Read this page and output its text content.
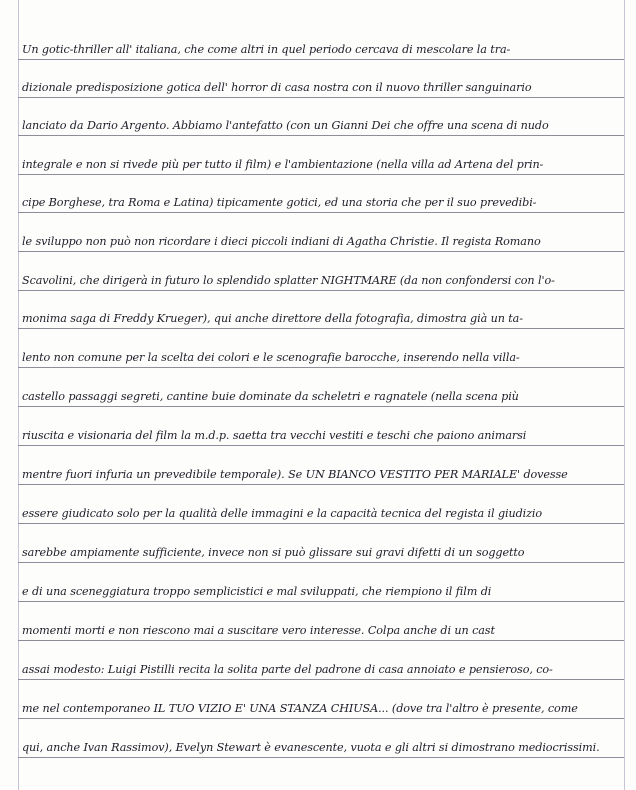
Un gotic-thriller all' italiana, che come altri in quel periodo cercava di mescolare la tra-
dizionale predisposizione gotica dell' horror di casa nostra con il nuovo thriller sanguinario
lanciato da Dario Argento. Abbiamo l'antefatto (con un Gianni Dei che offre una scena di nudo
integrale e non si rivede più per tutto il film) e l'ambientazione (nella villa ad Artena del prin-
cipe Borghese, tra Roma e Latina) tipicamente gotici, ed una storia che per il suo prevedibi-
le sviluppo non può non ricordare i dieci piccoli indiani di Agatha Christie. Il regista Romano
Scavolini, che dirigerà in futuro lo splendido splatter NIGHTMARE (da non confondersi con l'o-
monima saga di Freddy Krueger), qui anche direttore della fotografia, dimostra già un ta-
lento non comune per la scelta dei colori e le scenografie barocche, inserendo nella villa-
castello passaggi segreti, cantine buie dominate da scheletri e ragnatele (nella scena più
riuscita e visionaria del film la m.d.p. saetta tra vecchi vestiti e teschi che paiono animarsi
mentre fuori infuria un prevedibile temporale). Se UN BIANCO VESTITO PER MARIALE' dovesse
essere giudicato solo per la qualità delle immagini e la capacità tecnica del regista il giudizio
sarebbe ampiamente sufficiente, invece non si può glissare sui gravi difetti di un soggetto
e di una sceneggiatura troppo semplicistici e mal sviluppati, che riempiono il film di
momenti morti e non riescono mai a suscitare vero interesse. Colpa anche di un cast
assai modesto: Luigi Pistilli recita la solita parte del padrone di casa annoiato e pensieroso, co-
me nel contemporaneo IL TUO VIZIO E' UNA STANZA CHIUSA... (dove tra l'altro è presente, come
qui, anche Ivan Rassimov), Evelyn Stewart è evanescente, vuota e gli altri si dimostrano mediocrissimi.
